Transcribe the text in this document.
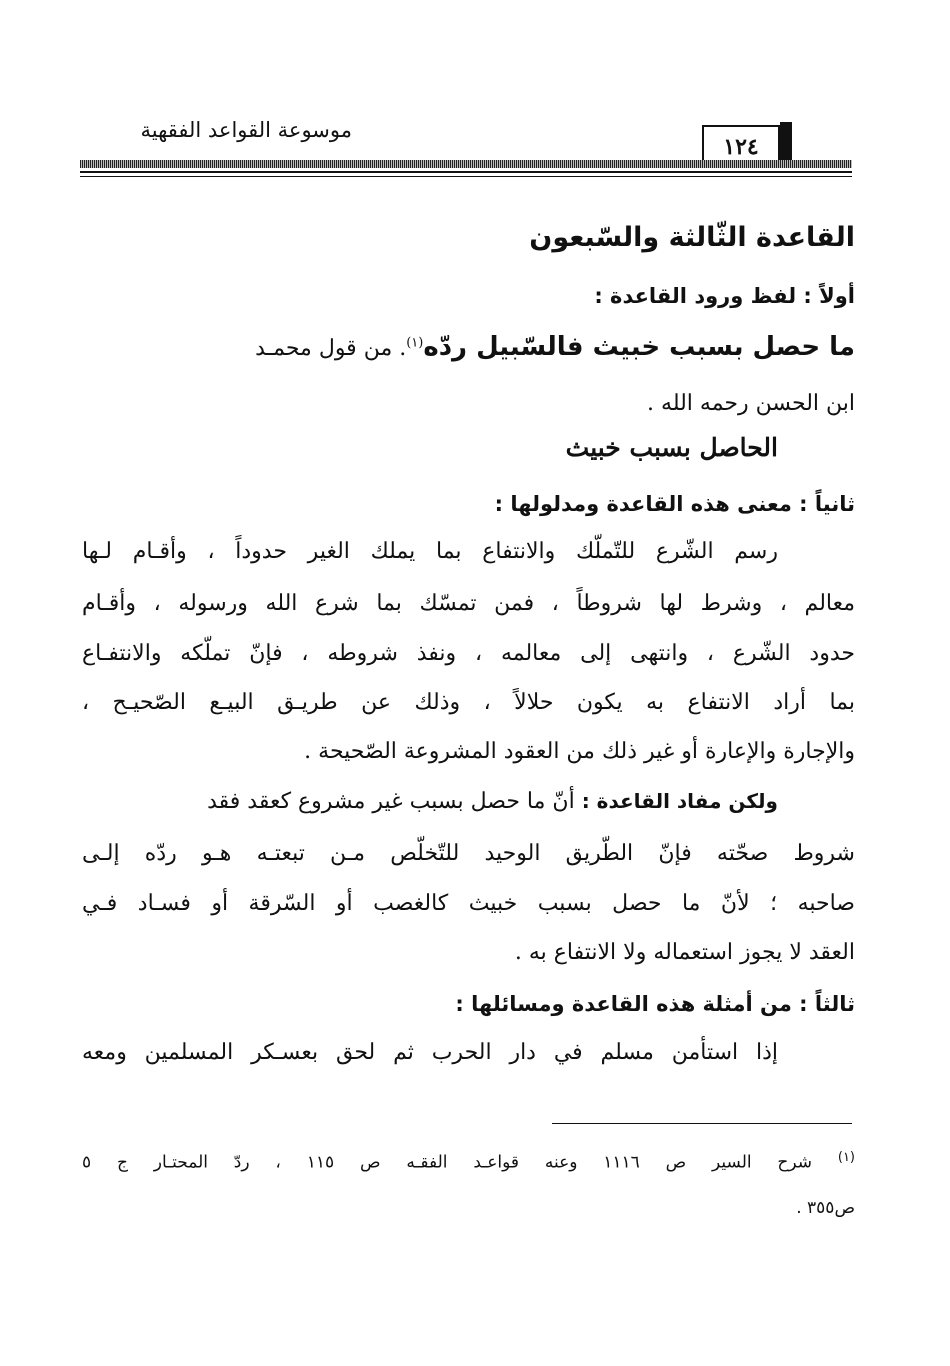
موسوعة القواعد الفقهية
١٢٤
القاعدة الثّالثة والسّبعون
أولاً : لفظ ورود القاعدة :
ما حصل بسبب خبيث فالسّبيل ردّه$^{(١)}$. من قول محمـد
ابن الحسن رحمه الله .
الحاصل بسبب خبيث
ثانياً : معنى هذه القاعدة ومدلولها :
رسم الشّرع للتّملّك والانتفاع بما يملك الغير حدوداً ، وأقـام لـها
معالم ، وشرط لها شروطاً ، فمن تمسّك بما شرع الله ورسوله ، وأقـام
حدود الشّرع ، وانتهى إلى معالمه ، ونفذ شروطه ، فإنّ تملّكه والانتفـاع
بما أراد الانتفاع به يكون حلالاً ، وذلك عن طريـق البيـع الصّحيـح ،
والإجارة والإعارة أو غير ذلك من العقود المشروعة الصّحيحة .
ولكن مفاد القاعدة : أنّ ما حصل بسبب غير مشروع كعقد فقد
شروط صحّته فإنّ الطّريق الوحيد للتّخلّص مـن تبعتـه هـو ردّه إلـى
صاحبه ؛ لأنّ ما حصل بسبب خبيث كالغصب أو السّرقة أو فسـاد فـي
العقد لا يجوز استعماله ولا الانتفاع به .
ثالثاً : من أمثلة هذه القاعدة ومسائلها :
إذا استأمن مسلم في دار الحرب ثم لحق بعسـكر المسلمين ومعه
$^{(١)}$ شرح السير ص ١١١٦ وعنه قواعـد الفقـه ص ١١٥ ، ردّ المحتـار ج ٥
ص٣٥٥ .
